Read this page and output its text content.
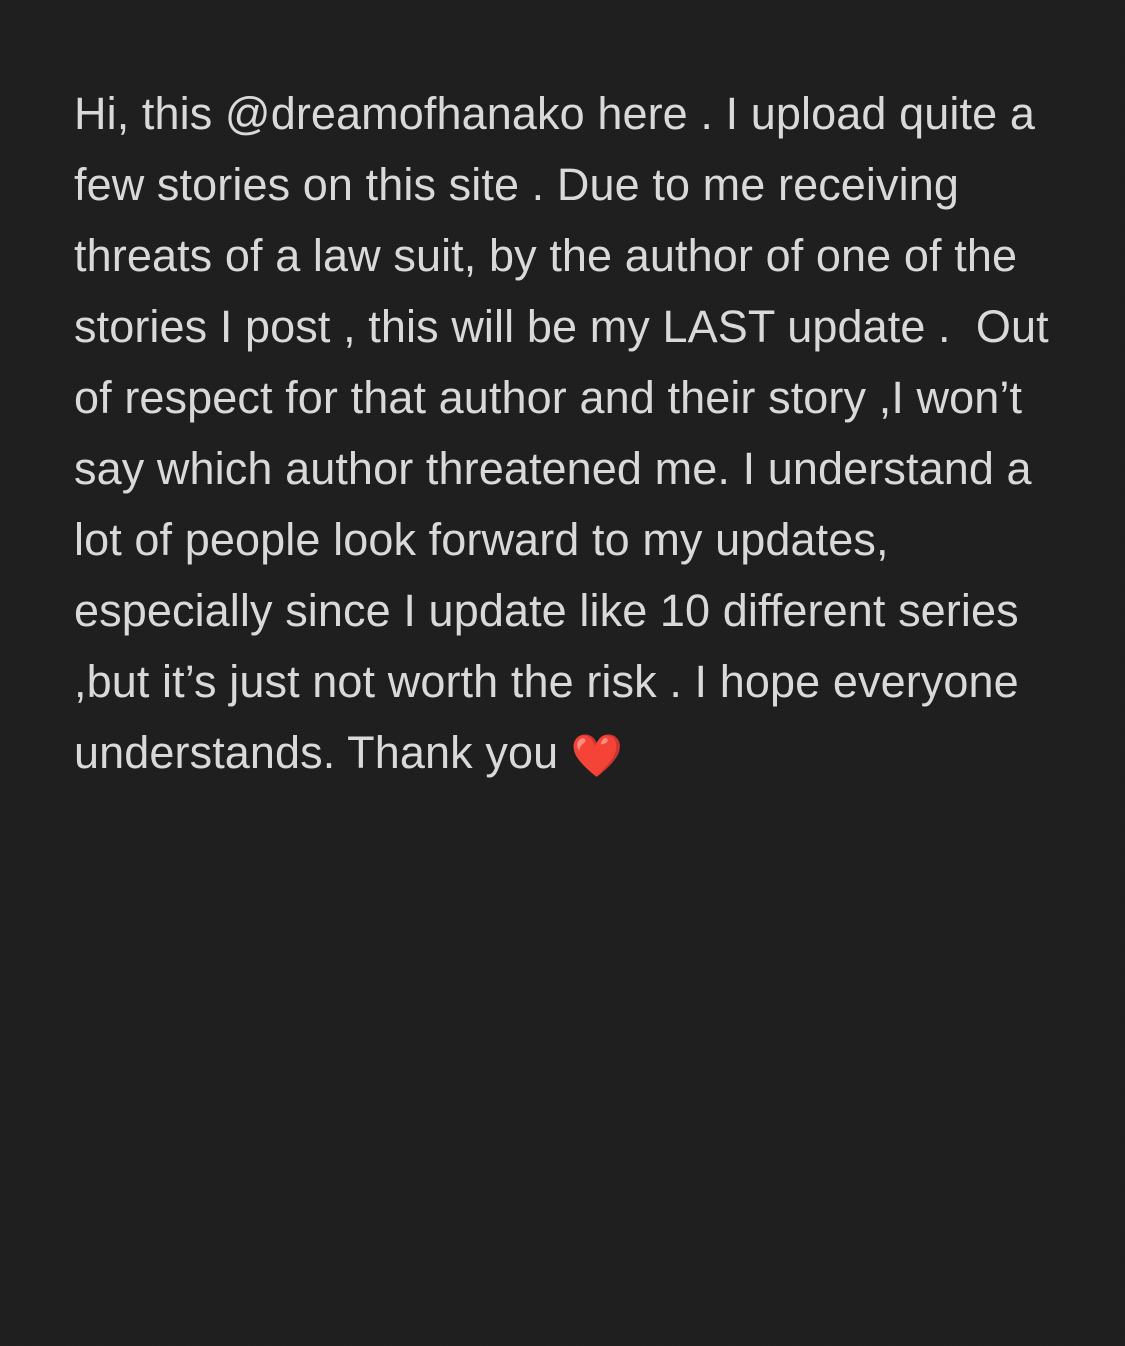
Hi, this @dreamofhanako here . I upload quite a few stories on this site . Due to me receiving threats of a law suit, by the author of one of the stories I post , this will be my LAST update .  Out of respect for that author and their story ,I won’t say which author threatened me. I understand a lot of people look forward to my updates, especially since I update like 10 different series ,but it’s just not worth the risk . I hope everyone understands. Thank you ❤️
